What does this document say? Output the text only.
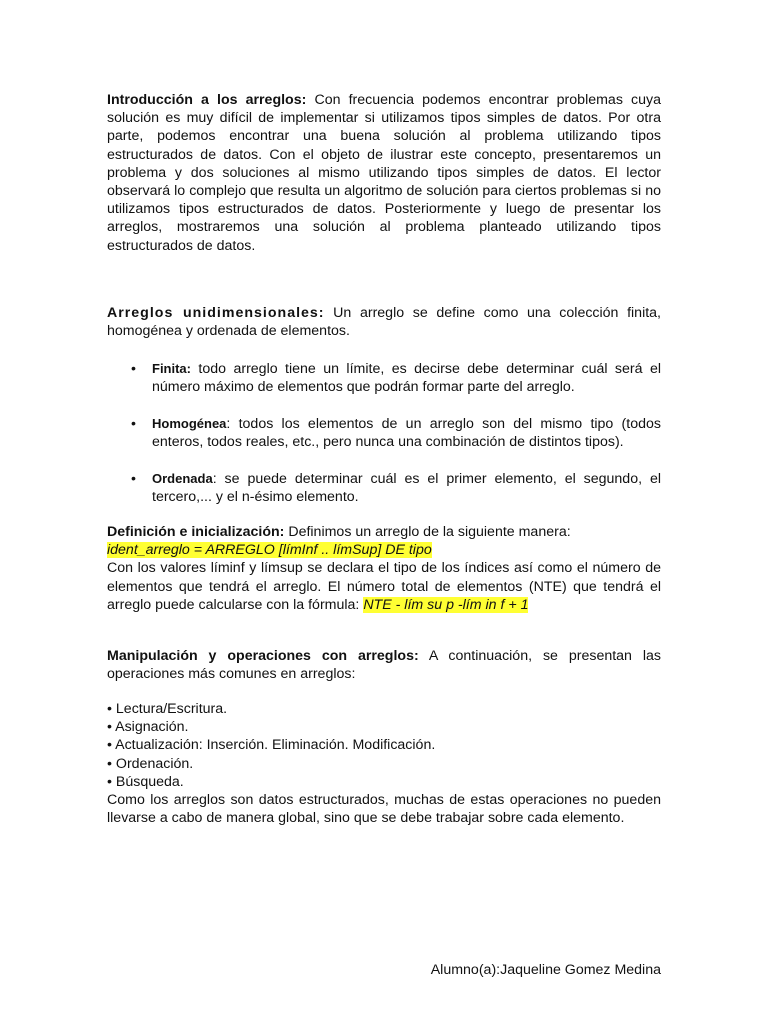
Introducción a los arreglos: Con frecuencia podemos encontrar problemas cuya solución es muy difícil de implementar si utilizamos tipos simples de datos. Por otra parte, podemos encontrar una buena solución al problema utilizando tipos estructurados de datos. Con el objeto de ilustrar este concepto, presentaremos un problema y dos soluciones al mismo utilizando tipos simples de datos. El lector observará lo complejo que resulta un algoritmo de solución para ciertos problemas si no utilizamos tipos estructurados de datos. Posteriormente y luego de presentar los arreglos, mostraremos una solución al problema planteado utilizando tipos estructurados de datos.

Arreglos unidimensionales: Un arreglo se define como una colección finita, homogénea y ordenada de elementos.

• Finita: todo arreglo tiene un límite, es decirse debe determinar cuál será el número máximo de elementos que podrán formar parte del arreglo.
• Homogénea: todos los elementos de un arreglo son del mismo tipo (todos enteros, todos reales, etc., pero nunca una combinación de distintos tipos).
• Ordenada: se puede determinar cuál es el primer elemento, el segundo, el tercero,... y el n-ésimo elemento.
Definición e inicialización: Definimos un arreglo de la siguiente manera:
ident_arreglo = ARREGLO [límInf .. límSup] DE tipo
Con los valores líminf y límsup se declara el tipo de los índices así como el número de elementos que tendrá el arreglo. El número total de elementos (NTE) que tendrá el arreglo puede calcularse con la fórmula: NTE - lím su p -lím in f + 1

Manipulación y operaciones con arreglos: A continuación, se presentan las operaciones más comunes en arreglos:

• Lectura/Escritura.
• Asignación.
• Actualización: Inserción. Eliminación. Modificación.
• Ordenación.
• Búsqueda.

Como los arreglos son datos estructurados, muchas de estas operaciones no pueden llevarse a cabo de manera global, sino que se debe trabajar sobre cada elemento.

Alumno(a):Jaqueline Gomez Medina
